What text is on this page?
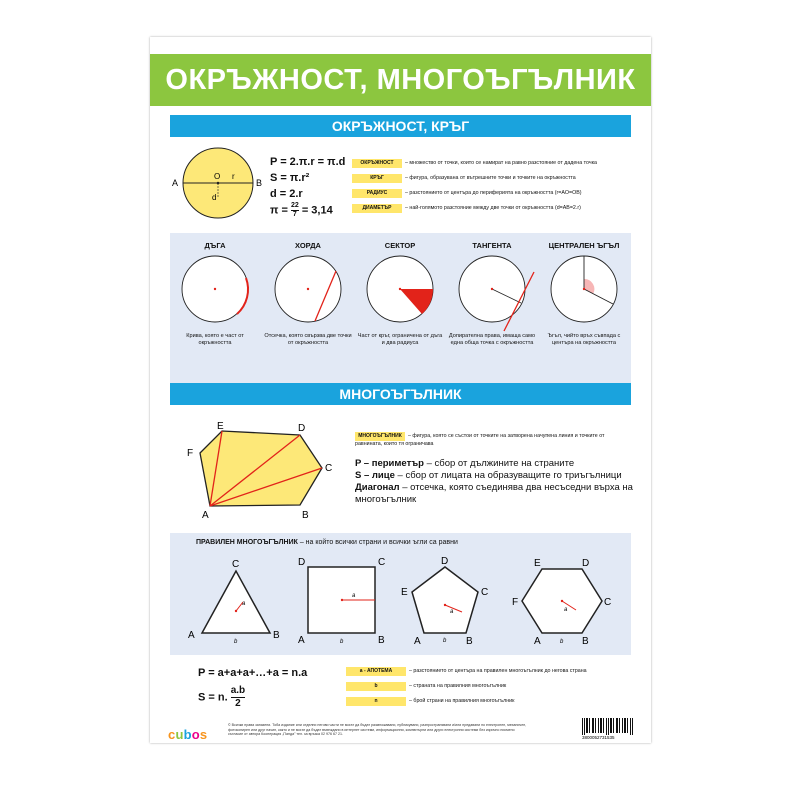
ОКРЪЖНОСТ, МНОГОЪГЪЛНИК
ОКРЪЖНОСТ, КРЪГ
A	B
O r
d
P = 2.π.r = π.d
S = π.r²
d = 2.r
$\pi = \frac{22}{7} = 3,14$
ОКРЪЖНОСТ – множество от точки, които се намират на равно разстояние от дадена точка
КРЪГ	– фигура, образувана от вътрешните точки и точките на окръжността
РАДИУС	– разстоянието от центъра до периферията на окръжността (r=AO=OB)
ДИАМЕТЪР	– най-голямото разстояние между две точки от окръжността (d=AB=2.r)
ДЪГА
Крива, която е част от окръжността
ХОРДА
Отсечка, която свързва две точки от окръжността
СЕКТОР
Част от кръг, ограничена от дъга и два радиуса
ТАНГЕНТА
Допирателна права, имаща само една обща точка с окръжността
ЦЕНТРАЛЕН ЪГЪЛ
Ъгъл, чийто връх съвпада с центъра на окръжността
МНОГОЪГЪЛНИК
A	B
C
D
E
F
МНОГОЪГЪЛНИК – фигура, която се състои от точките на затворена начупена линия и точките от равнината, които тя ограничава
P – периметър – сбор от дължините на страните
S – лице – сбор от лицата на образуващите го триъгълници
Диагонал – отсечка, която съединява два несъседни върха на многоъгълник
ПРАВИЛЕН МНОГОЪГЪЛНИК – на който всички страни и всички ъгли са равни
C
A	B
a
b
D	C
A	B
a
b
D
C
E
A	B
a
b
E	D
F	C
A	B
a
b
P = a+a+a+…+a = n.a
S = n. $\frac{a.b}{2}$
a - АПОТЕМА	– разстоянието от центъра на правилен многоъгълник до негова страна
b	– страната на правилния многоъгълник
n	– брой страни на правилния многоъгълник
cubos
© Всички права запазени. Тоба издание или отделни негови части не могат да бъдат размножавани, публикувани, разпространявани и/или предавани по електронен, механичен, фотокопирен или друг начин, както и не могат да бъдат въвеждани в интернет системи, информационни, компютърни или други електронни системи без изрично писмено съгласие от автора Кооперация „Панда" тел. за връзка 02 976 67 21.
3800052731535
